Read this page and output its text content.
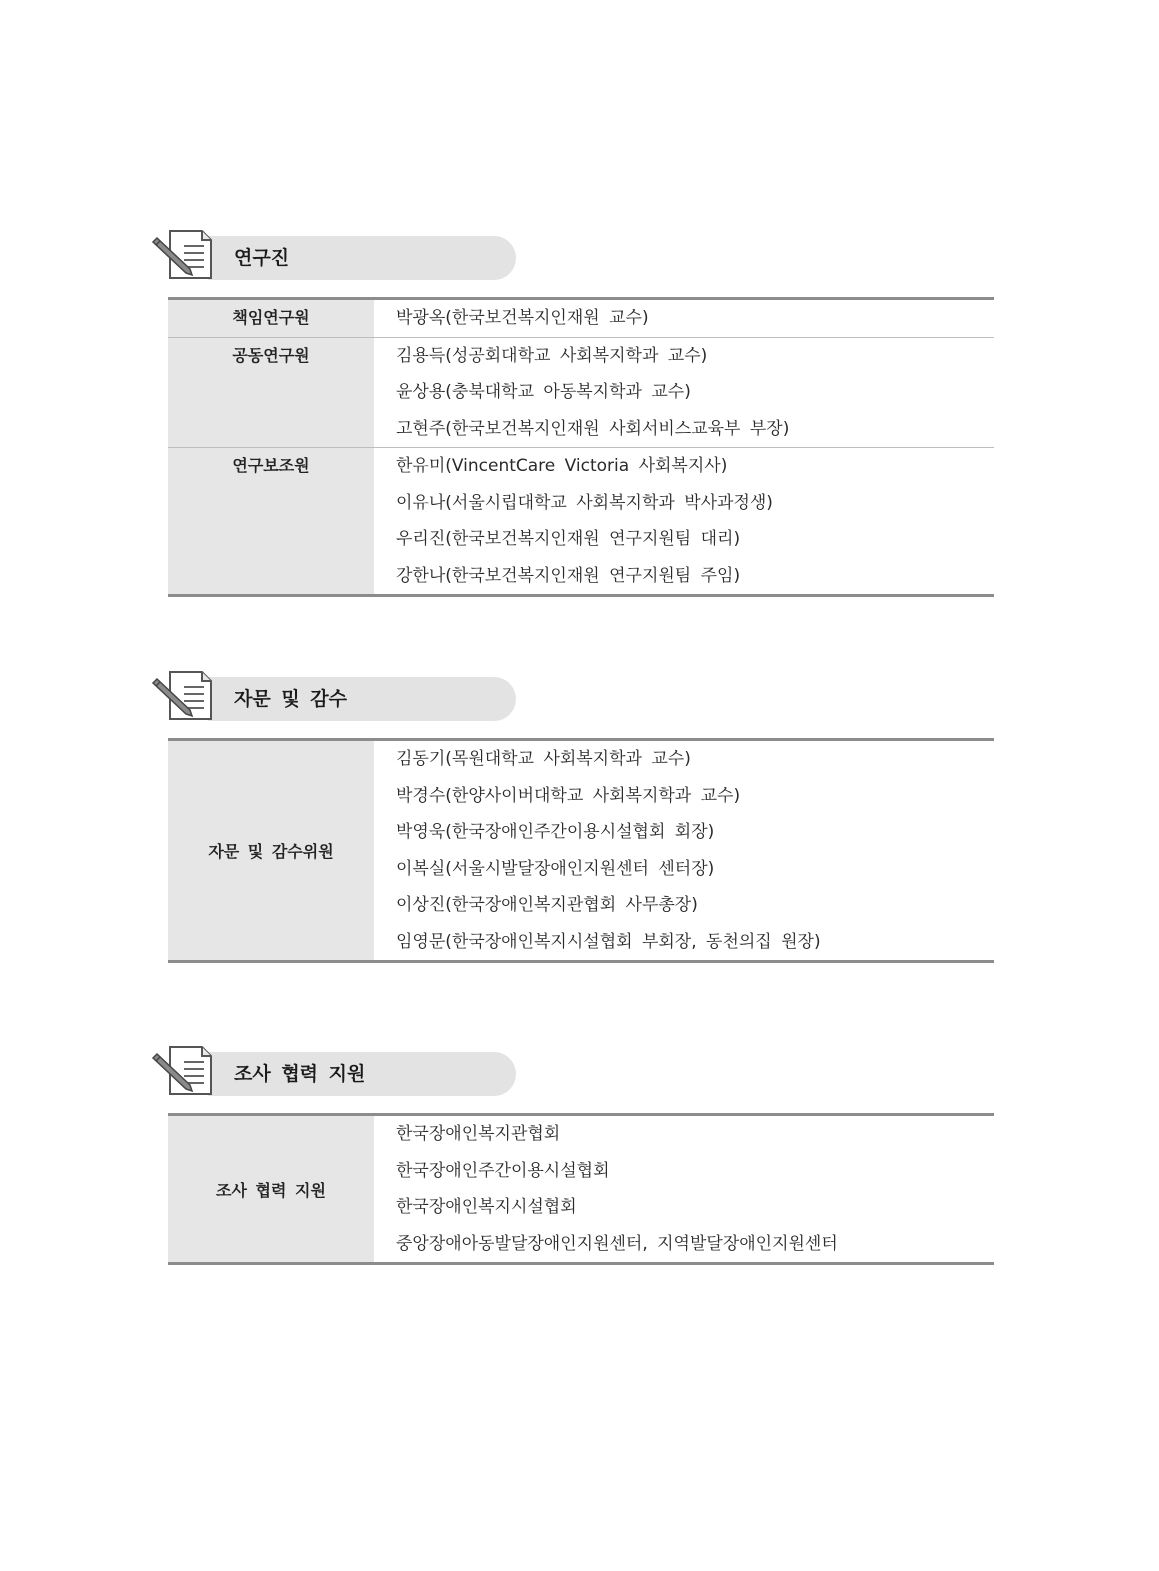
연구진
책임연구원	박광옥(한국보건복지인재원 교수)
공동연구원	김용득(성공회대학교 사회복지학과 교수)
윤상용(충북대학교 아동복지학과 교수)
고현주(한국보건복지인재원 사회서비스교육부 부장)
연구보조원	한유미(VincentCare Victoria 사회복지사)
이유나(서울시립대학교 사회복지학과 박사과정생)
우리진(한국보건복지인재원 연구지원팀 대리)
강한나(한국보건복지인재원 연구지원팀 주임)
자문 및 감수
자문 및 감수위원
김동기(목원대학교 사회복지학과 교수)
박경수(한양사이버대학교 사회복지학과 교수)
박영욱(한국장애인주간이용시설협회 회장)
이복실(서울시발달장애인지원센터 센터장)
이상진(한국장애인복지관협회 사무총장)
임영문(한국장애인복지시설협회 부회장, 동천의집 원장)
조사 협력 지원
조사 협력 지원
한국장애인복지관협회
한국장애인주간이용시설협회
한국장애인복지시설협회
중앙장애아동발달장애인지원센터, 지역발달장애인지원센터
